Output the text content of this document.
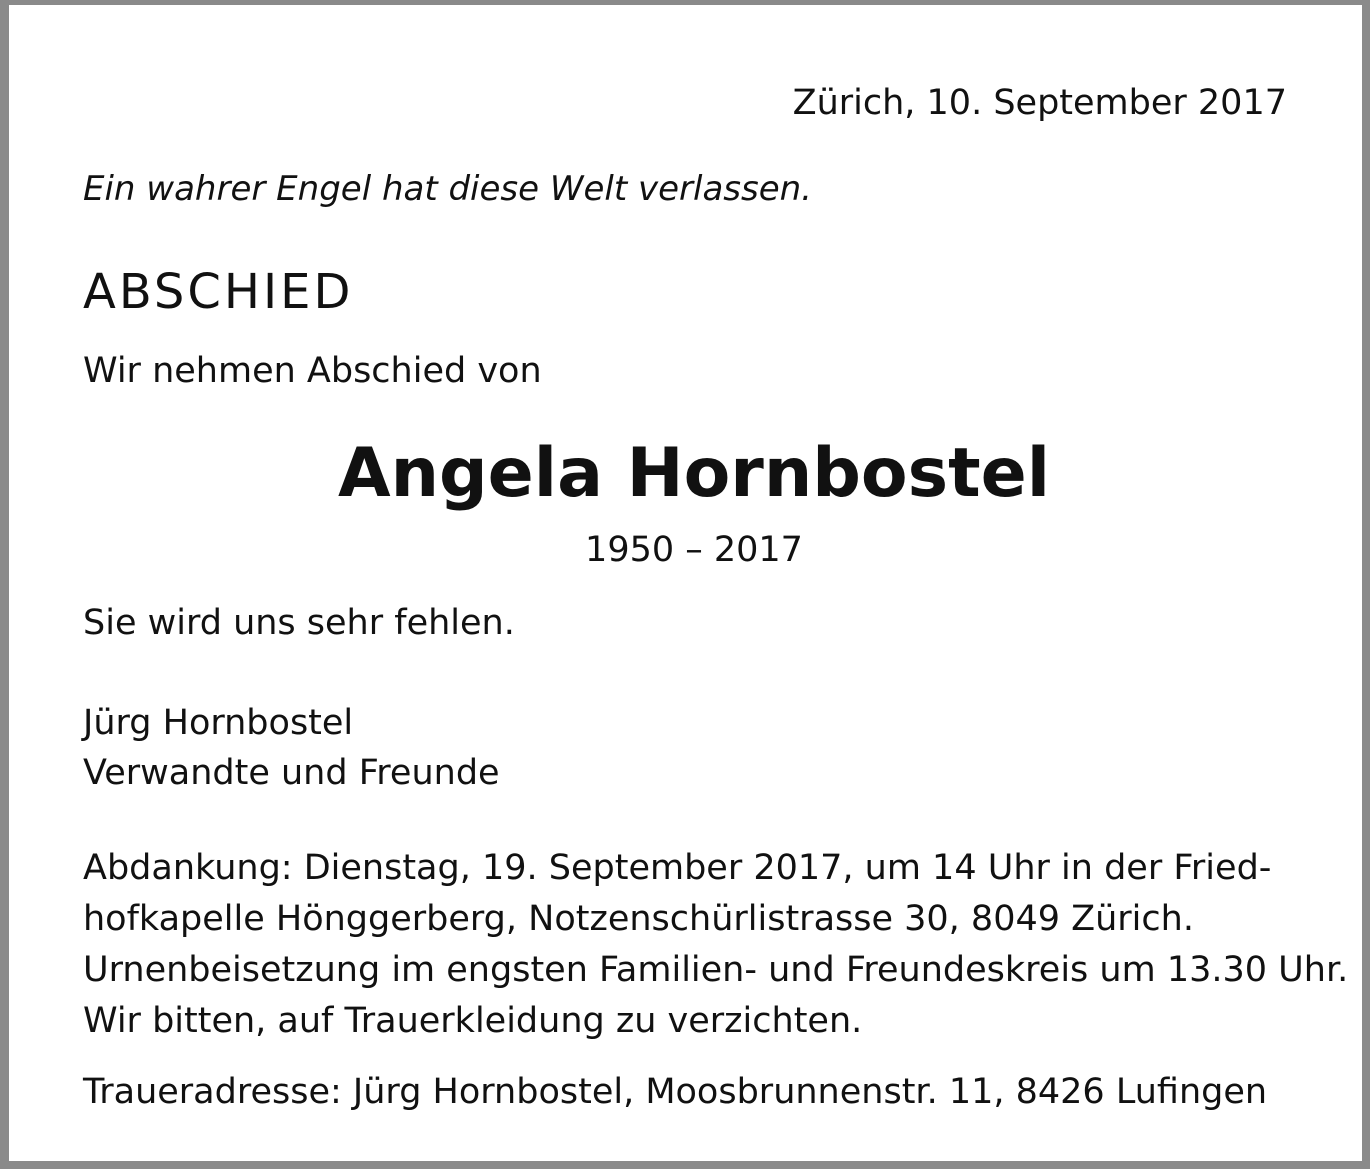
Zürich, 10. September 2017
Ein wahrer Engel hat diese Welt verlassen.
ABSCHIED
Wir nehmen Abschied von
Angela Hornbostel
1950 – 2017
Sie wird uns sehr fehlen.
Jürg Hornbostel
Verwandte und Freunde
Abdankung: Dienstag, 19. September 2017, um 14 Uhr in der Fried-
hofkapelle Hönggerberg, Notzenschürlistrasse 30, 8049 Zürich.
Urnenbeisetzung im engsten Familien- und Freundeskreis um 13.30 Uhr.
Wir bitten, auf Trauerkleidung zu verzichten.
Traueradresse: Jürg Hornbostel, Moosbrunnenstr. 11, 8426 Lufingen
